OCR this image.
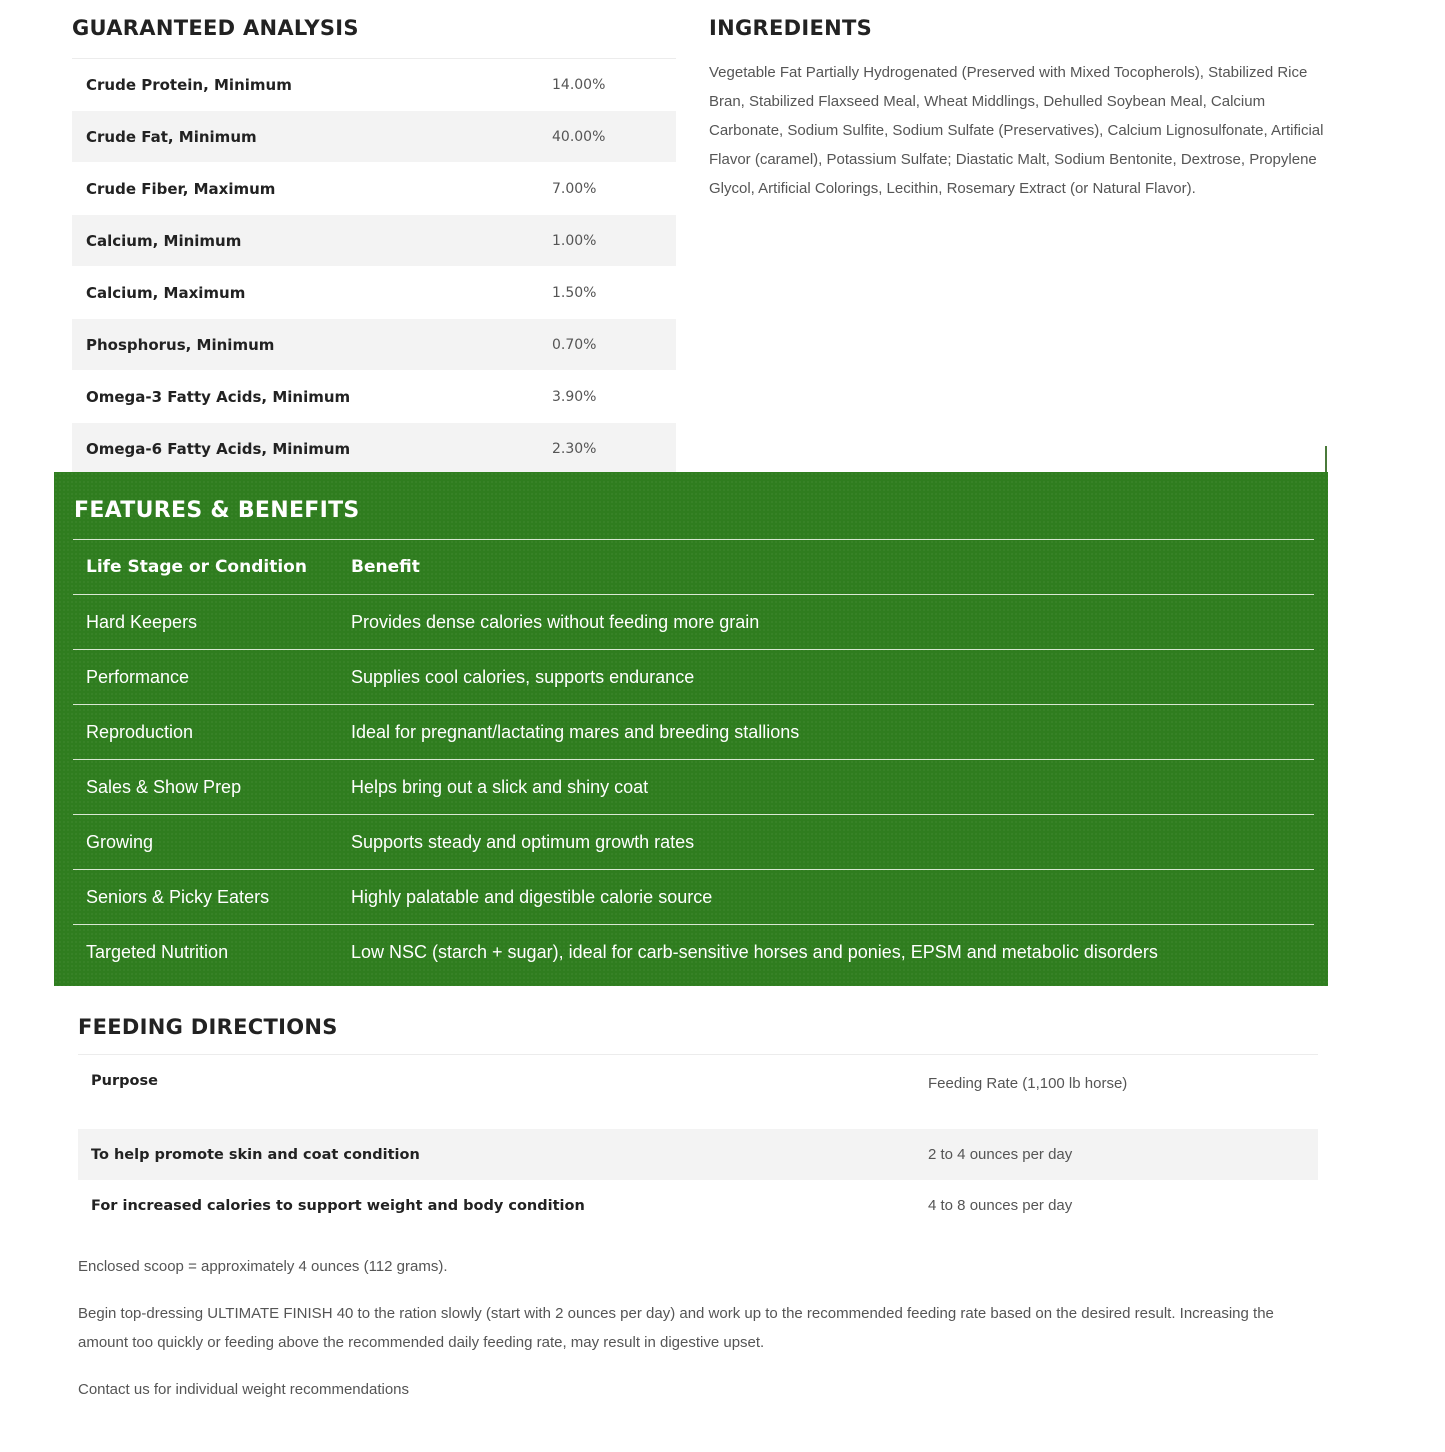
GUARANTEED ANALYSIS
Crude Protein, Minimum	14.00%
Crude Fat, Minimum	40.00%
Crude Fiber, Maximum	7.00%
Calcium, Minimum	1.00%
Calcium, Maximum	1.50%
Phosphorus, Minimum	0.70%
Omega-3 Fatty Acids, Minimum	3.90%
Omega-6 Fatty Acids, Minimum	2.30%
INGREDIENTS

Vegetable Fat Partially Hydrogenated (Preserved with Mixed Tocopherols), Stabilized Rice Bran, Stabilized Flaxseed Meal, Wheat Middlings, Dehulled Soybean Meal, Calcium Carbonate, Sodium Sulfite, Sodium Sulfate (Preservatives), Calcium Lignosulfonate, Artificial Flavor (caramel), Potassium Sulfate; Diastatic Malt, Sodium Bentonite, Dextrose, Propylene Glycol, Artificial Colorings, Lecithin, Rosemary Extract (or Natural Flavor).

FEATURES & BENEFITS
Life Stage or Condition	Benefit
Hard Keepers	Provides dense calories without feeding more grain
Performance	Supplies cool calories, supports endurance
Reproduction	Ideal for pregnant/lactating mares and breeding stallions
Sales & Show Prep	Helps bring out a slick and shiny coat
Growing	Supports steady and optimum growth rates
Seniors & Picky Eaters	Highly palatable and digestible calorie source
Targeted Nutrition	Low NSC (starch + sugar), ideal for carb-sensitive horses and ponies, EPSM and metabolic disorders
FEEDING DIRECTIONS
Purpose	Feeding Rate (1,100 lb horse)
To help promote skin and coat condition	2 to 4 ounces per day
For increased calories to support weight and body condition	4 to 8 ounces per day

Enclosed scoop = approximately 4 ounces (112 grams).

Begin top-dressing ULTIMATE FINISH 40 to the ration slowly (start with 2 ounces per day) and work up to the recommended feeding rate based on the desired result. Increasing the amount too quickly or feeding above the recommended daily feeding rate, may result in digestive upset.

Contact us for individual weight recommendations
